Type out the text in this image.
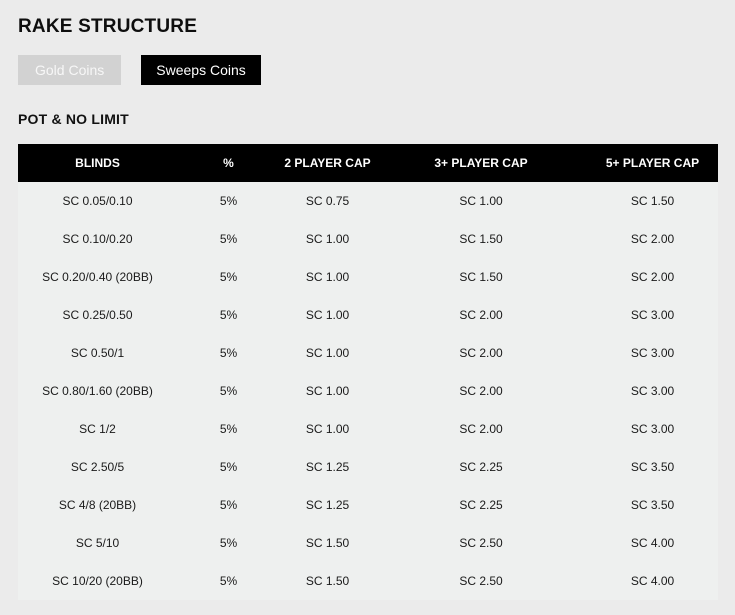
RAKE STRUCTURE
Gold Coins	Sweeps Coins
POT & NO LIMIT
BLINDS	%	2 PLAYER CAP	3+ PLAYER CAP	5+ PLAYER CAP
SC 0.05/0.10	5%	SC 0.75	SC 1.00	SC 1.50
SC 0.10/0.20	5%	SC 1.00	SC 1.50	SC 2.00
SC 0.20/0.40 (20BB)	5%	SC 1.00	SC 1.50	SC 2.00
SC 0.25/0.50	5%	SC 1.00	SC 2.00	SC 3.00
SC 0.50/1	5%	SC 1.00	SC 2.00	SC 3.00
SC 0.80/1.60 (20BB)	5%	SC 1.00	SC 2.00	SC 3.00
SC 1/2	5%	SC 1.00	SC 2.00	SC 3.00
SC 2.50/5	5%	SC 1.25	SC 2.25	SC 3.50
SC 4/8 (20BB)	5%	SC 1.25	SC 2.25	SC 3.50
SC 5/10	5%	SC 1.50	SC 2.50	SC 4.00
SC 10/20 (20BB)	5%	SC 1.50	SC 2.50	SC 4.00
